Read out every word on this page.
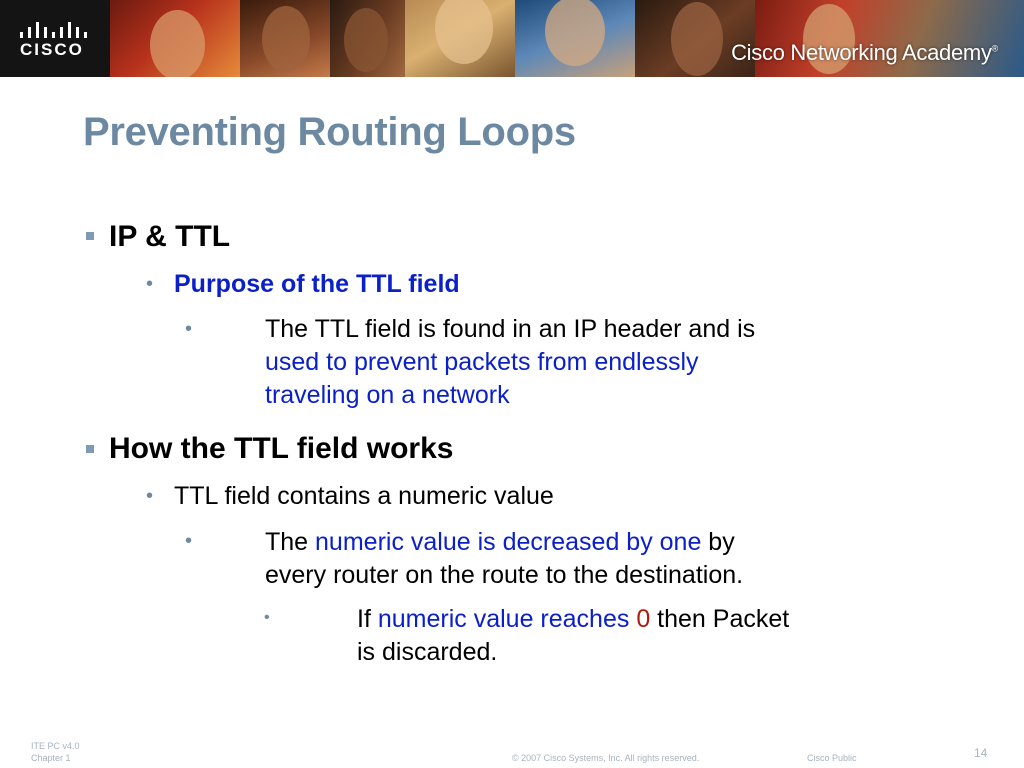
CISCO	Cisco Networking Academy®
Preventing Routing Loops
IP & TTL
• Purpose of the TTL field
•	The TTL field is found in an IP header and is
used to prevent packets from endlessly
traveling on a network
How the TTL field works
• TTL field contains a numeric value
•	The numeric value is decreased by one by
every router on the route to the destination.
•	If numeric value reaches 0 then Packet
is discarded.
ITE PC v4.0
Chapter 1	© 2007 Cisco Systems, Inc. All rights reserved.	Cisco Public	14
